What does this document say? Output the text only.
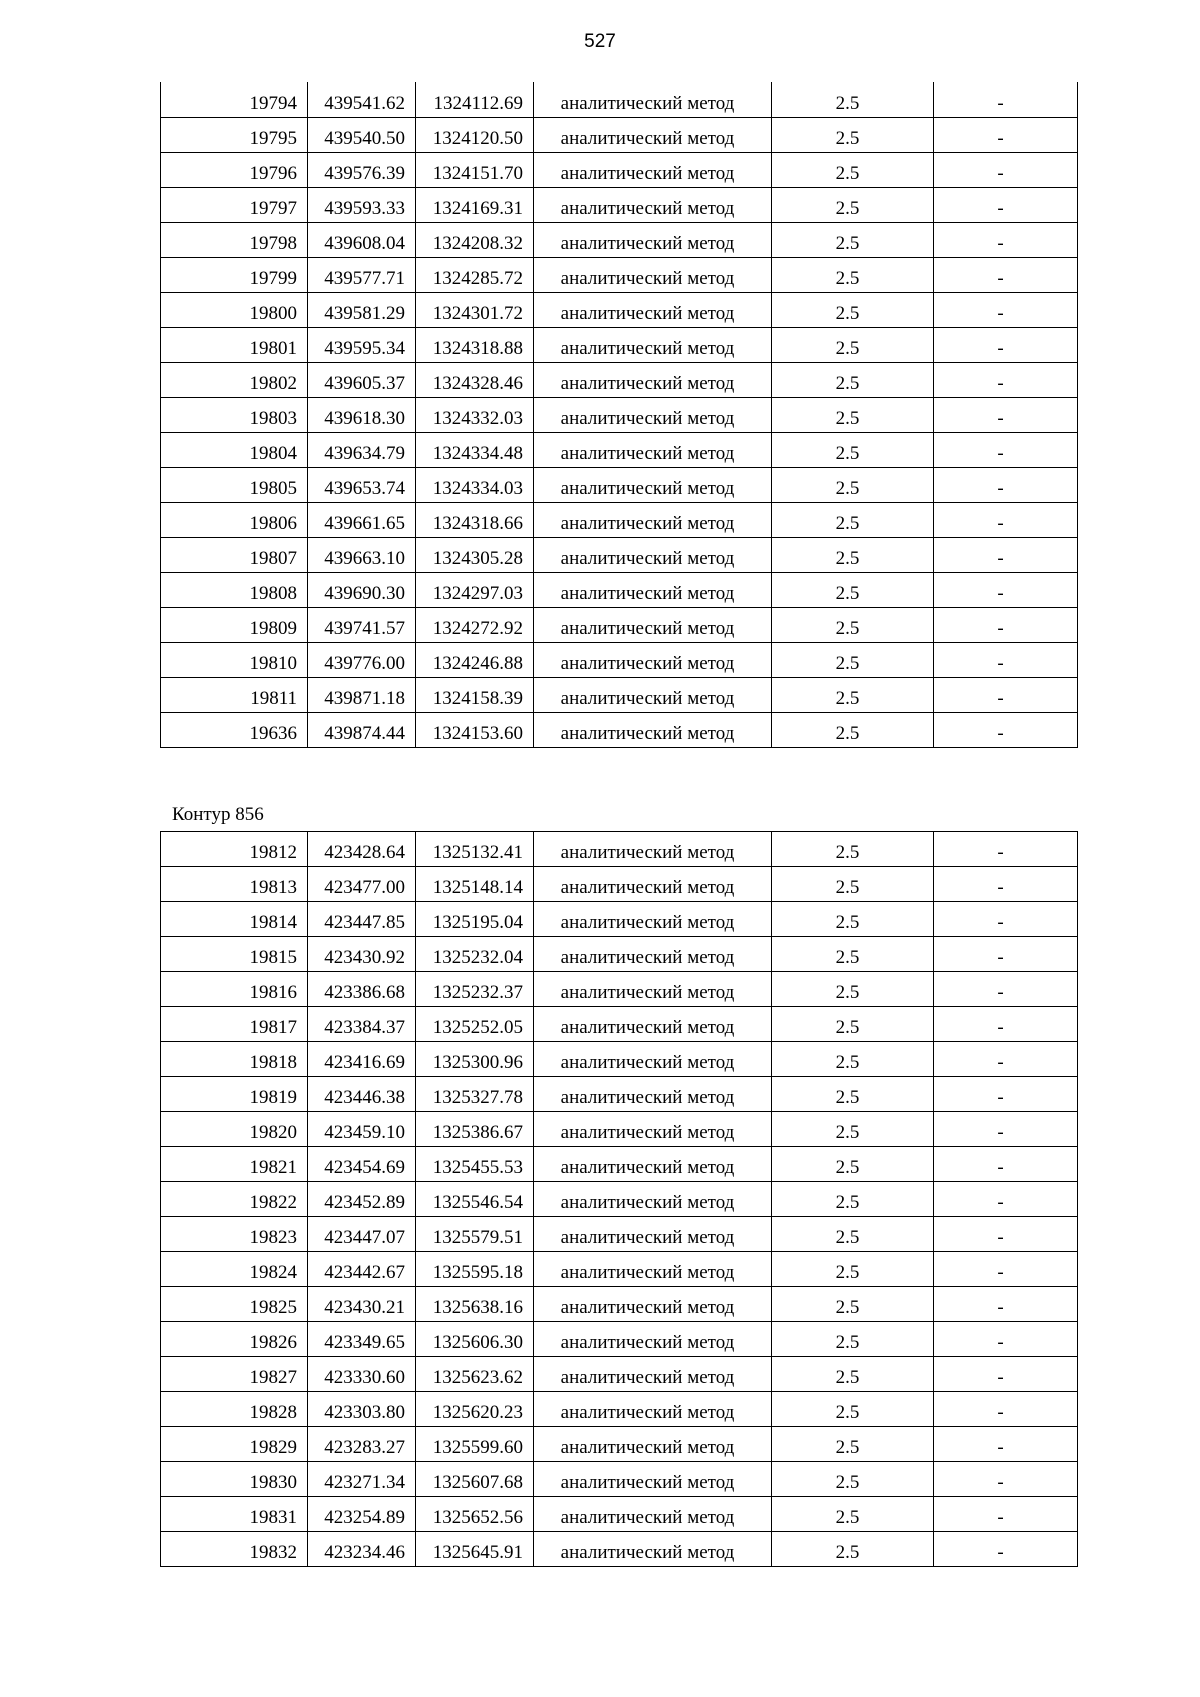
527
19794	439541.62	1324112.69	аналитический метод	2.5	-
19795	439540.50	1324120.50	аналитический метод	2.5	-
19796	439576.39	1324151.70	аналитический метод	2.5	-
19797	439593.33	1324169.31	аналитический метод	2.5	-
19798	439608.04	1324208.32	аналитический метод	2.5	-
19799	439577.71	1324285.72	аналитический метод	2.5	-
19800	439581.29	1324301.72	аналитический метод	2.5	-
19801	439595.34	1324318.88	аналитический метод	2.5	-
19802	439605.37	1324328.46	аналитический метод	2.5	-
19803	439618.30	1324332.03	аналитический метод	2.5	-
19804	439634.79	1324334.48	аналитический метод	2.5	-
19805	439653.74	1324334.03	аналитический метод	2.5	-
19806	439661.65	1324318.66	аналитический метод	2.5	-
19807	439663.10	1324305.28	аналитический метод	2.5	-
19808	439690.30	1324297.03	аналитический метод	2.5	-
19809	439741.57	1324272.92	аналитический метод	2.5	-
19810	439776.00	1324246.88	аналитический метод	2.5	-
19811	439871.18	1324158.39	аналитический метод	2.5	-
19636	439874.44	1324153.60	аналитический метод	2.5	-
Контур 856
19812	423428.64	1325132.41	аналитический метод	2.5	-
19813	423477.00	1325148.14	аналитический метод	2.5	-
19814	423447.85	1325195.04	аналитический метод	2.5	-
19815	423430.92	1325232.04	аналитический метод	2.5	-
19816	423386.68	1325232.37	аналитический метод	2.5	-
19817	423384.37	1325252.05	аналитический метод	2.5	-
19818	423416.69	1325300.96	аналитический метод	2.5	-
19819	423446.38	1325327.78	аналитический метод	2.5	-
19820	423459.10	1325386.67	аналитический метод	2.5	-
19821	423454.69	1325455.53	аналитический метод	2.5	-
19822	423452.89	1325546.54	аналитический метод	2.5	-
19823	423447.07	1325579.51	аналитический метод	2.5	-
19824	423442.67	1325595.18	аналитический метод	2.5	-
19825	423430.21	1325638.16	аналитический метод	2.5	-
19826	423349.65	1325606.30	аналитический метод	2.5	-
19827	423330.60	1325623.62	аналитический метод	2.5	-
19828	423303.80	1325620.23	аналитический метод	2.5	-
19829	423283.27	1325599.60	аналитический метод	2.5	-
19830	423271.34	1325607.68	аналитический метод	2.5	-
19831	423254.89	1325652.56	аналитический метод	2.5	-
19832	423234.46	1325645.91	аналитический метод	2.5	-
